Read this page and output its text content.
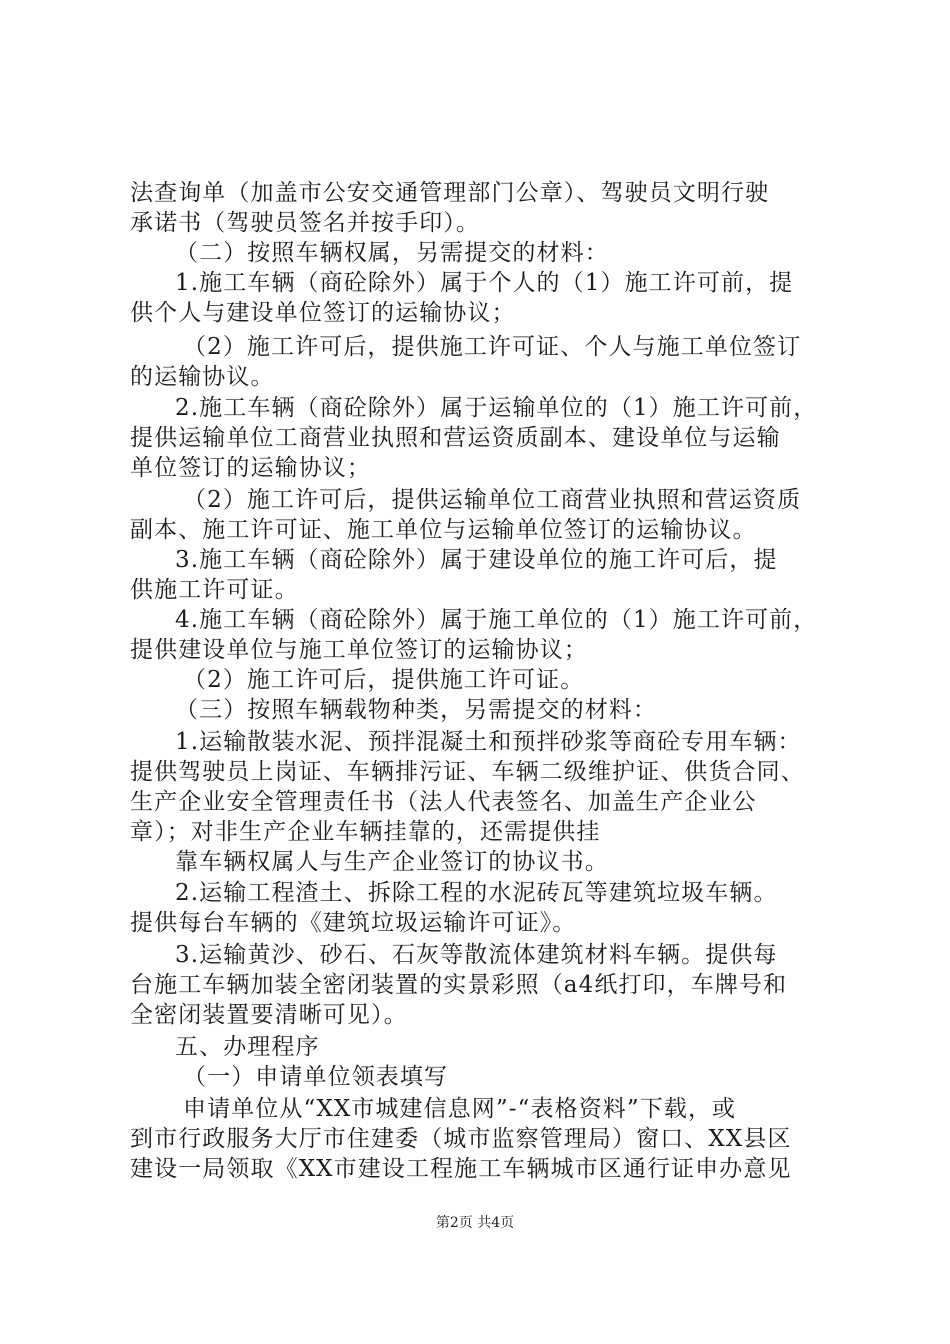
法查询单（加盖市公安交通管理部门公章）、驾驶员文明行驶
承诺书（驾驶员签名并按手印）。
（二）按照车辆权属，另需提交的材料：
1.施工车辆（商砼除外）属于个人的（1）施工许可前，提
供个人与建设单位签订的运输协议；
（2）施工许可后，提供施工许可证、个人与施工单位签订
的运输协议。
2.施工车辆（商砼除外）属于运输单位的（1）施工许可前，
提供运输单位工商营业执照和营运资质副本、建设单位与运输
单位签订的运输协议；
（2）施工许可后，提供运输单位工商营业执照和营运资质
副本、施工许可证、施工单位与运输单位签订的运输协议。
3.施工车辆（商砼除外）属于建设单位的施工许可后，提
供施工许可证。
4.施工车辆（商砼除外）属于施工单位的（1）施工许可前，
提供建设单位与施工单位签订的运输协议；
（2）施工许可后，提供施工许可证。
（三）按照车辆载物种类，另需提交的材料：
1.运输散装水泥、预拌混凝土和预拌砂浆等商砼专用车辆：
提供驾驶员上岗证、车辆排污证、车辆二级维护证、供货合同、
生产企业安全管理责任书（法人代表签名、加盖生产企业公
章）；对非生产企业车辆挂靠的，还需提供挂
靠车辆权属人与生产企业签订的协议书。
2.运输工程渣土、拆除工程的水泥砖瓦等建筑垃圾车辆。
提供每台车辆的《建筑垃圾运输许可证》。
3.运输黄沙、砂石、石灰等散流体建筑材料车辆。提供每
台施工车辆加装全密闭装置的实景彩照（a4纸打印，车牌号和
全密闭装置要清晰可见）。
五、办理程序
（一）申请单位领表填写
申请单位从“XX市城建信息网”-“表格资料”下载，或
到市行政服务大厅市住建委（城市监察管理局）窗口、XX县区
建设一局领取《XX市建设工程施工车辆城市区通行证申办意见
第2页 共4页
